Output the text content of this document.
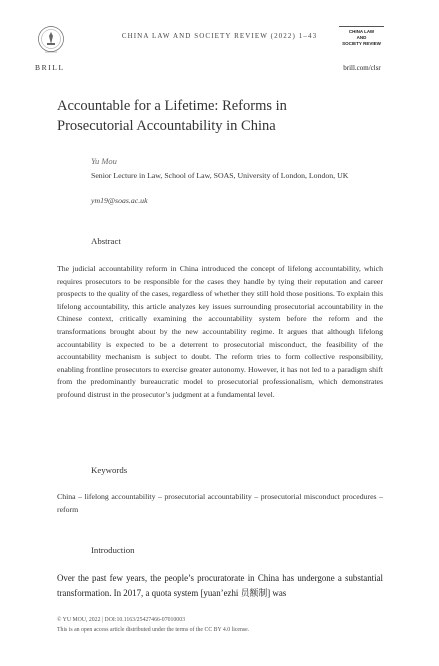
BRILL
CHINA LAW AND SOCIETY REVIEW (2022) 1–43
CHINA LAW
AND
SOCIETY REVIEW
brill.com/clsr
Accountable for a Lifetime: Reforms in Prosecutorial Accountability in China
Yu Mou
Senior Lecture in Law, School of Law, SOAS, University of London, London, UK
ym19@soas.ac.uk
Abstract

The judicial accountability reform in China introduced the concept of lifelong accountability, which requires prosecutors to be responsible for the cases they handle by tying their reputation and career prospects to the quality of the cases, regardless of whether they still hold those positions. To explain this lifelong accountability, this article analyzes key issues surrounding prosecutorial accountability in the Chinese context, critically examining the accountability system before the reform and the transformations brought about by the new accountability regime. It argues that although lifelong accountability is expected to be a deterrent to prosecutorial misconduct, the feasibility of the accountability mechanism is subject to doubt. The reform tries to form collective responsibility, enabling frontline prosecutors to exercise greater autonomy. However, it has not led to a paradigm shift from the predominantly bureaucratic model to prosecutorial professionalism, which demonstrates profound distrust in the prosecutor’s judgment at a fundamental level.

Keywords

China – lifelong accountability – prosecutorial accountability – prosecutorial misconduct procedures – reform

Introduction

Over the past few years, the people’s procuratorate in China has undergone a substantial transformation. In 2017, a quota system [yuan’ezhi 员额制] was

© YU MOU, 2022 | DOI:10.1163/25427466-07010003
This is an open access article distributed under the terms of the CC BY 4.0 license.
